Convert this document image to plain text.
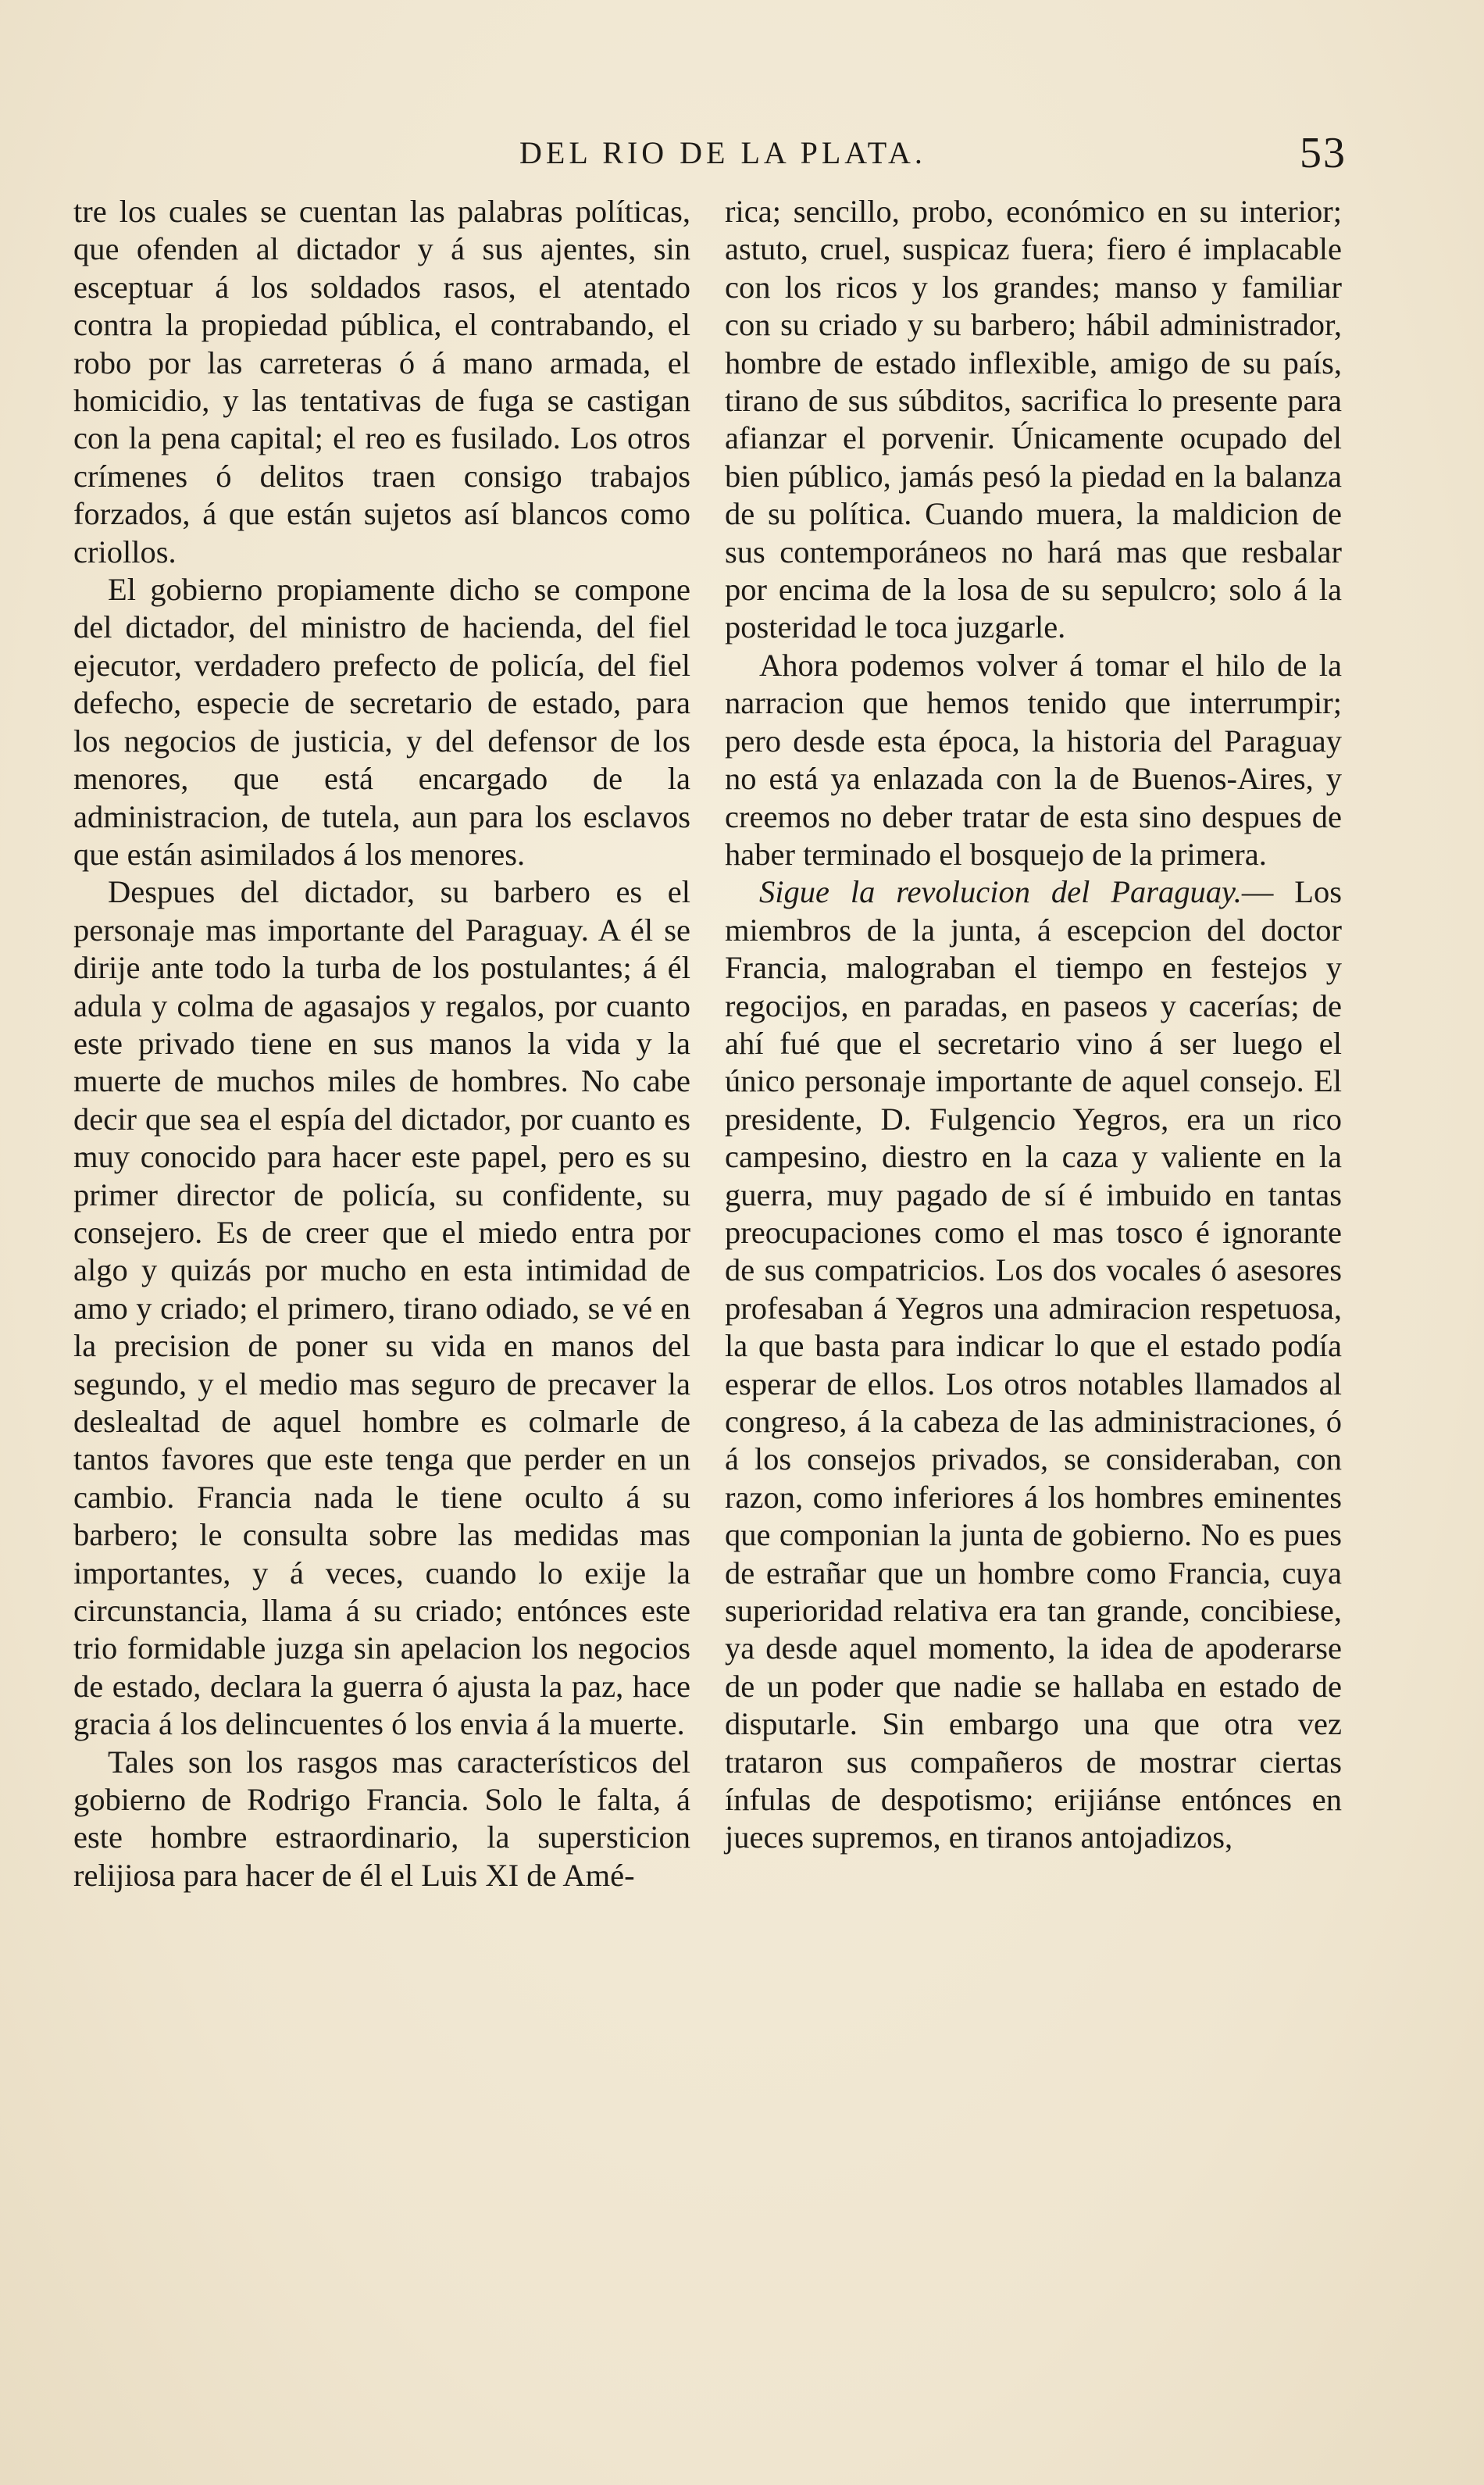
DEL RIO DE LA PLATA.	53

tre los cuales se cuentan las palabras políticas, que ofenden al dictador y á sus ajentes, sin esceptuar á los soldados rasos, el atentado contra la propiedad pública, el contrabando, el robo por las carreteras ó á mano armada, el homicidio, y las tentativas de fuga se castigan con la pena capital; el reo es fusilado. Los otros crímenes ó delitos traen consigo trabajos forzados, á que están sujetos así blancos como criollos.

El gobierno propiamente dicho se compone del dictador, del ministro de hacienda, del fiel ejecutor, verdadero prefecto de policía, del fiel defecho, especie de secretario de estado, para los negocios de justicia, y del defensor de los menores, que está encargado de la administracion, de tutela, aun para los esclavos que están asimilados á los menores.

Despues del dictador, su barbero es el personaje mas importante del Paraguay. A él se dirije ante todo la turba de los postulantes; á él adula y colma de agasajos y regalos, por cuanto este privado tiene en sus manos la vida y la muerte de muchos miles de hombres. No cabe decir que sea el espía del dictador, por cuanto es muy conocido para hacer este papel, pero es su primer director de policía, su confidente, su consejero. Es de creer que el miedo entra por algo y quizás por mucho en esta intimidad de amo y criado; el primero, tirano odiado, se vé en la precision de poner su vida en manos del segundo, y el medio mas seguro de precaver la deslealtad de aquel hombre es colmarle de tantos favores que este tenga que perder en un cambio. Francia nada le tiene oculto á su barbero; le consulta sobre las medidas mas importantes, y á veces, cuando lo exije la circunstancia, llama á su criado; entónces este trio formidable juzga sin apelacion los negocios de estado, declara la guerra ó ajusta la paz, hace gracia á los delincuentes ó los envia á la muerte.

Tales son los rasgos mas característicos del gobierno de Rodrigo Francia. Solo le falta, á este hombre estraordinario, la supersticion relijiosa para hacer de él el Luis XI de Amé-

rica; sencillo, probo, económico en su interior; astuto, cruel, suspicaz fuera; fiero é implacable con los ricos y los grandes; manso y familiar con su criado y su barbero; hábil administrador, hombre de estado inflexible, amigo de su país, tirano de sus súbditos, sacrifica lo presente para afianzar el porvenir. Únicamente ocupado del bien público, jamás pesó la piedad en la balanza de su política. Cuando muera, la maldicion de sus contemporáneos no hará mas que resbalar por encima de la losa de su sepulcro; solo á la posteridad le toca juzgarle.

Ahora podemos volver á tomar el hilo de la narracion que hemos tenido que interrumpir; pero desde esta época, la historia del Paraguay no está ya enlazada con la de Buenos-Aires, y creemos no deber tratar de esta sino despues de haber terminado el bosquejo de la primera.

Sigue la revolucion del Paraguay.— Los miembros de la junta, á escepcion del doctor Francia, malograban el tiempo en festejos y regocijos, en paradas, en paseos y cacerías; de ahí fué que el secretario vino á ser luego el único personaje importante de aquel consejo. El presidente, D. Fulgencio Yegros, era un rico campesino, diestro en la caza y valiente en la guerra, muy pagado de sí é imbuido en tantas preocupaciones como el mas tosco é ignorante de sus compatricios. Los dos vocales ó asesores profesaban á Yegros una admiracion respetuosa, la que basta para indicar lo que el estado podía esperar de ellos. Los otros notables llamados al congreso, á la cabeza de las administraciones, ó á los consejos privados, se consideraban, con razon, como inferiores á los hombres eminentes que componian la junta de gobierno. No es pues de estrañar que un hombre como Francia, cuya superioridad relativa era tan grande, concibiese, ya desde aquel momento, la idea de apoderarse de un poder que nadie se hallaba en estado de disputarle. Sin embargo una que otra vez trataron sus compañeros de mostrar ciertas ínfulas de despotismo; erijiánse entónces en jueces supremos, en tiranos antojadizos,
